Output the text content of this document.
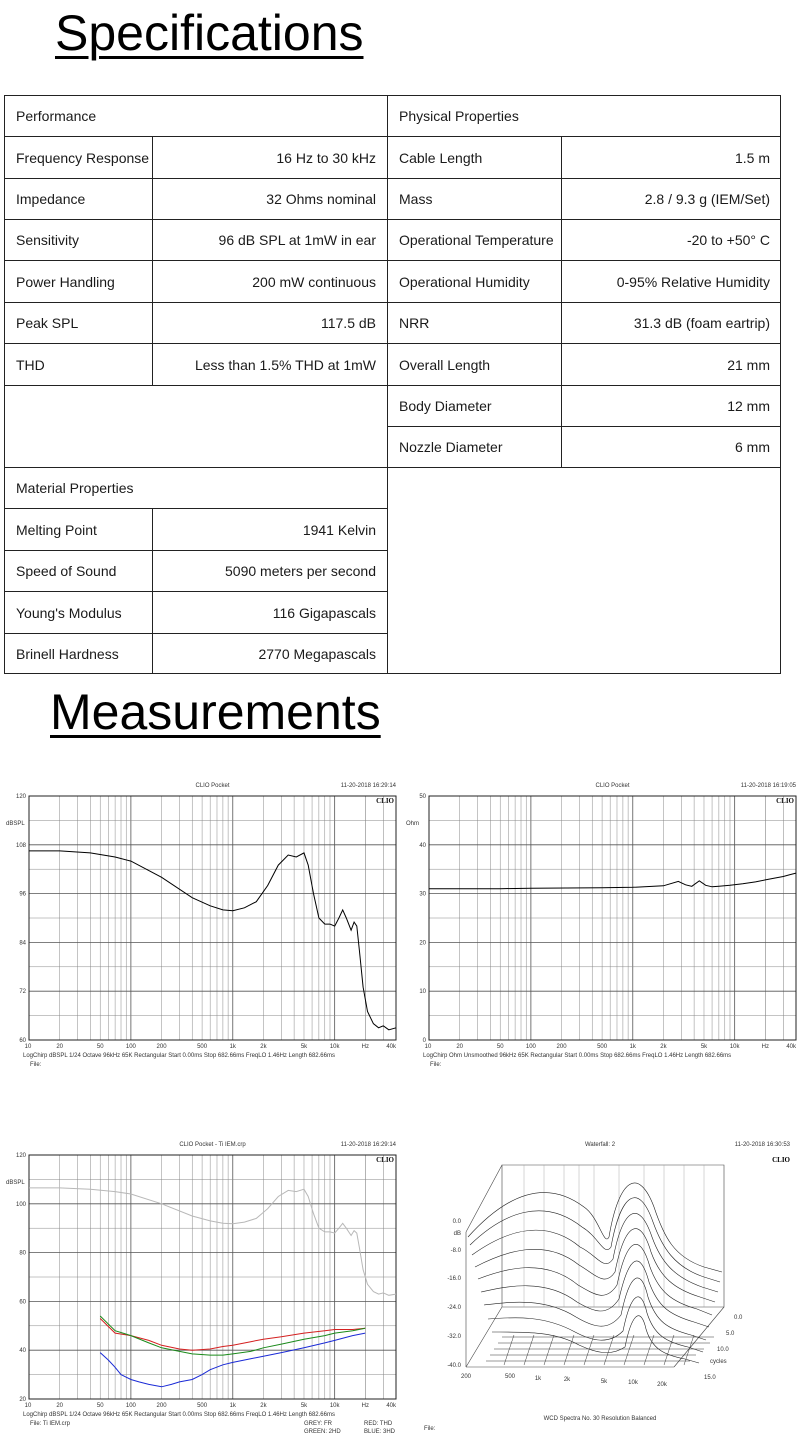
Specifications
Performance
Frequency Response	16 Hz to 30 kHz
Impedance	32 Ohms nominal
Sensitivity	96 dB SPL at 1mW in ear
Power Handling	200 mW continuous
Peak SPL	117.5 dB
THD	Less than 1.5% THD at 1mW
Physical Properties
Cable Length	1.5 m
Mass	2.8 / 9.3 g (IEM/Set)
Operational Temperature	-20 to +50° C
Operational Humidity	0-95% Relative Humidity
NRR	31.3 dB (foam eartrip)
Overall Length	21 mm
Body Diameter	12 mm
Nozzle Diameter	6 mm
Material Properties
Melting Point	1941 Kelvin
Speed of Sound	5090 meters per second
Young's Modulus	116 Gigapascals
Brinell Hardness	2770 Megapascals
Measurements
CLIO Pocket	11-20-2018 16:29:14
dBSPL
120
108
96
84
72
60
20	50	100	200	500	1k	2k	5k	10k	Hz	40k
10
CLIO
LogChirp dBSPL 1/24 Octave 96kHz 65K Rectangular Start 0.00ms Stop 682.66ms FreqLO 1.46Hz Length 682.66ms
File:
CLIO Pocket	11-20-2018 16:19:05
Ohm
50
40
30
20
10
0
20	50	100	200	500	1k	2k	5k	10k	Hz	40k
10
CLIO
LogChirp Ohm Unsmoothed 96kHz 65K Rectangular Start 0.00ms Stop 682.66ms FreqLO 1.46Hz Length 682.66ms
File:
CLIO Pocket - Ti IEM.crp	11-20-2018 16:29:14
dBSPL
120
100
80
60
40
20
20	50	100	200	500	1k	2k	5k	10k	Hz	40k
10
CLIO
LogChirp dBSPL 1/24 Octave 96kHz 65K Rectangular Start 0.00ms Stop 682.66ms FreqLO 1.46Hz Length 682.66ms
File: Ti IEM.crp	GREY: FR	RED: THD
GREEN: 2HD	BLUE: 3HD
Waterfall: 2	11-20-2018 16:30:53
CLIO
0.0
dB
-8.0
-16.0
-24.0
-32.0
-40.0
200	500	1k	2k	5k	10k	20k
0.0
5.0
10.0
cycles
15.0
WCD Spectra No. 30 Resolution Balanced
File:
